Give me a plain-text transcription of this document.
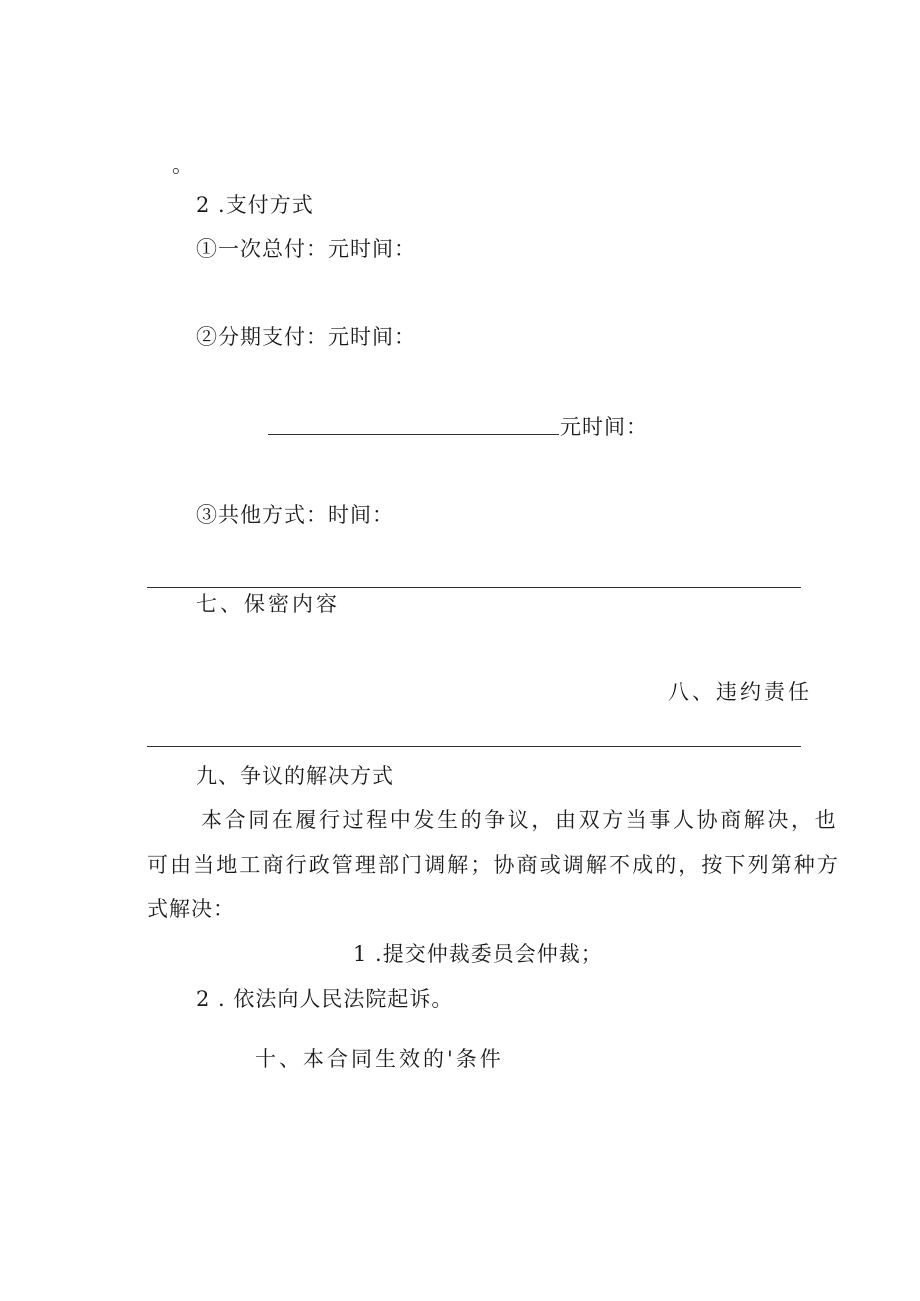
。
2 .支付方式
①一次总付：元时间：
②分期支付：元时间：
元时间：
③共他方式：时间：
七、保密内容
八、违约责任
九、争议的解决方式
本合同在履行过程中发生的争议，由双方当事人协商解决，也
可由当地工商行政管理部门调解；协商或调解不成的，按下列第种方
式解决：
1 .提交仲裁委员会仲裁；
2 . 依法向人民法院起诉。
十、本合同生效的'条件
